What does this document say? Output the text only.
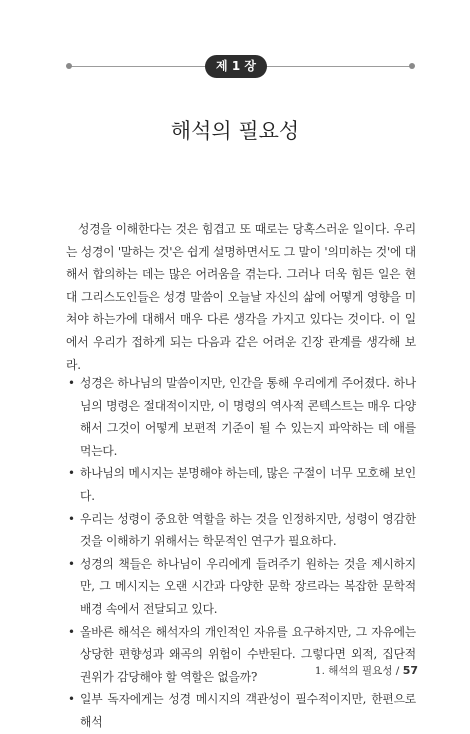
제 1 장
해석의 필요성

성경을 이해한다는 것은 힘겹고 또 때로는 당혹스러운 일이다. 우리는 성경이 '말하는 것'은 쉽게 설명하면서도 그 말이 '의미하는 것'에 대해서 합의하는 데는 많은 어려움을 겪는다. 그러나 더욱 힘든 일은 현대 그리스도인들은 성경 말씀이 오늘날 자신의 삶에 어떻게 영향을 미쳐야 하는가에 대해서 매우 다른 생각을 가지고 있다는 것이다. 이 일에서 우리가 접하게 되는 다음과 같은 어려운 긴장 관계를 생각해 보라.

• 성경은 하나님의 말씀이지만, 인간을 통해 우리에게 주어졌다. 하나님의 명령은 절대적이지만, 이 명령의 역사적 콘텍스트는 매우 다양해서 그것이 어떻게 보편적 기준이 될 수 있는지 파악하는 데 애를 먹는다.
• 하나님의 메시지는 분명해야 하는데, 많은 구절이 너무 모호해 보인다.
• 우리는 성령이 중요한 역할을 하는 것을 인정하지만, 성령이 영감한 것을 이해하기 위해서는 학문적인 연구가 필요하다.
• 성경의 책들은 하나님이 우리에게 들려주기 원하는 것을 제시하지만, 그 메시지는 오랜 시간과 다양한 문학 장르라는 복잡한 문학적 배경 속에서 전달되고 있다.
• 올바른 해석은 해석자의 개인적인 자유를 요구하지만, 그 자유에는 상당한 편향성과 왜곡의 위험이 수반된다. 그렇다면 외적, 집단적 권위가 감당해야 할 역할은 없을까?
• 일부 독자에게는 성경 메시지의 객관성이 필수적이지만, 한편으로 해석
1. 해석의 필요성 / 57
